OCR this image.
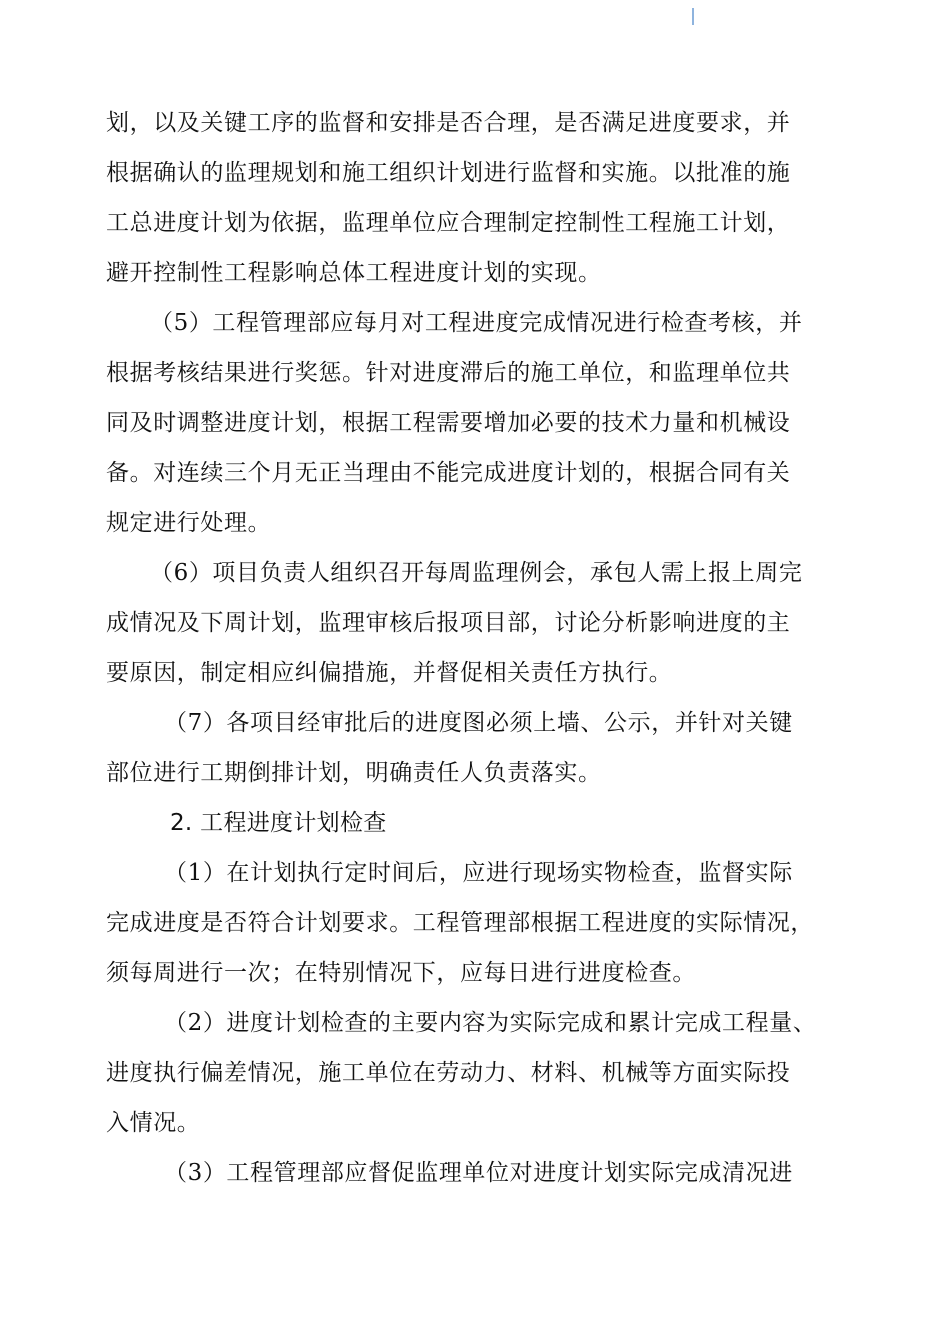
划，以及关键工序的监督和安排是否合理，是否满足进度要求，并
根据确认的监理规划和施工组织计划进行监督和实施。以批准的施
工总进度计划为依据，监理单位应合理制定控制性工程施工计划，
避开控制性工程影响总体工程进度计划的实现。
（5）工程管理部应每月对工程进度完成情况进行检查考核，并
根据考核结果进行奖惩。针对进度滞后的施工单位，和监理单位共
同及时调整进度计划，根据工程需要增加必要的技术力量和机械设
备。对连续三个月无正当理由不能完成进度计划的，根据合同有关
规定进行处理。
（6）项目负责人组织召开每周监理例会，承包人需上报上周完
成情况及下周计划，监理审核后报项目部，讨论分析影响进度的主
要原因，制定相应纠偏措施，并督促相关责任方执行。
（7）各项目经审批后的进度图必须上墙、公示，并针对关键
部位进行工期倒排计划，明确责任人负责落实。
2. 工程进度计划检查
（1）在计划执行定时间后，应进行现场实物检查，监督实际
完成进度是否符合计划要求。工程管理部根据工程进度的实际情况，
须每周进行一次；在特别情况下，应每日进行进度检查。
（2）进度计划检查的主要内容为实际完成和累计完成工程量、
进度执行偏差情况，施工单位在劳动力、材料、机械等方面实际投
入情况。
（3）工程管理部应督促监理单位对进度计划实际完成清况进
